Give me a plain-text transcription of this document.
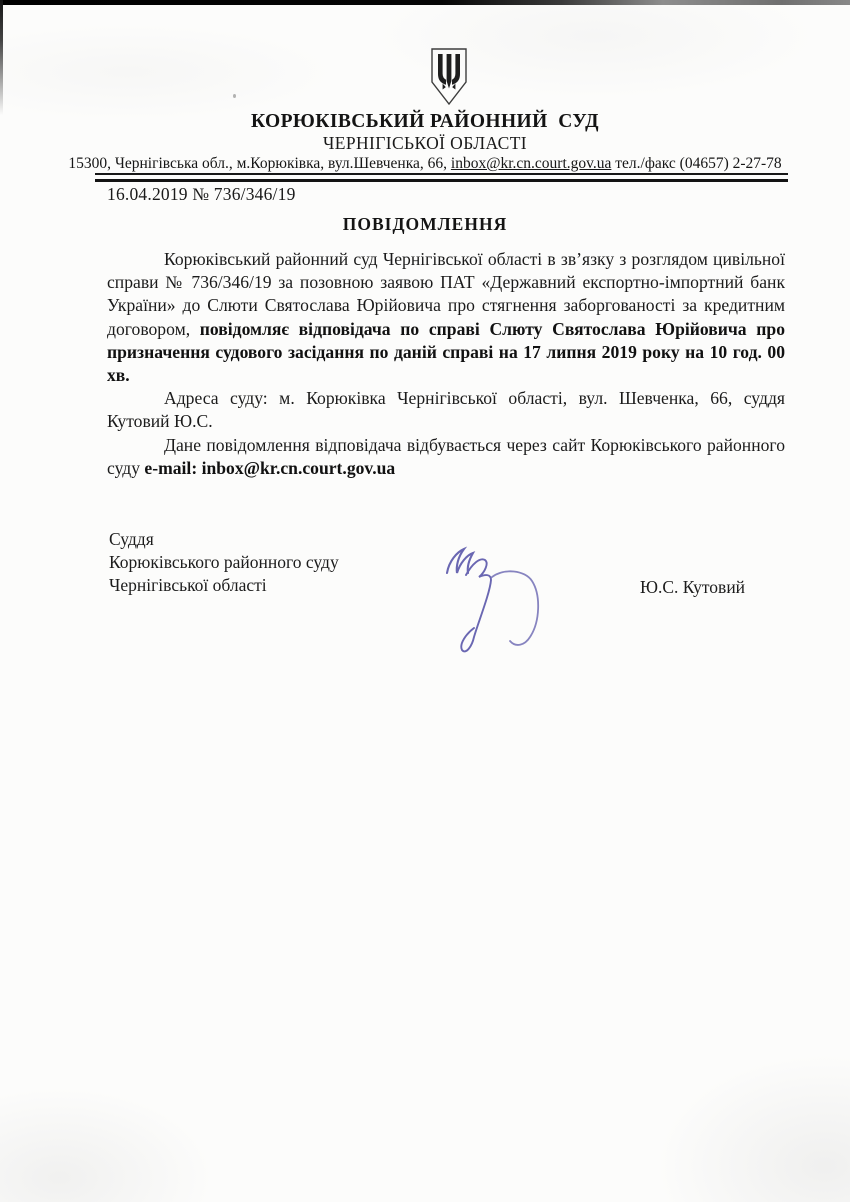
КОРЮКІВСЬКИЙ РАЙОННИЙ  СУД
ЧЕРНІГІСЬКОЇ ОБЛАСТІ
15300, Чернігівська обл., м.Корюківка, вул.Шевченка, 66, inbox@kr.cn.court.gov.ua тел./факс (04657) 2-27-78
16.04.2019 № 736/346/19
ПОВІДОМЛЕННЯ

Корюківський районний суд Чернігівської області в зв’язку з розглядом цивільної справи № 736/346/19 за позовною заявою ПАТ «Державний експортно-імпортний банк України» до Слюти Святослава Юрійовича про стягнення заборгованості за кредитним договором, повідомляє відповідача по справі Слюту Святослава Юрійовича про призначення судового засідання по даній справі на 17 липня 2019 року на 10 год. 00 хв.

Адреса суду: м. Корюківка Чернігівської області, вул. Шевченка, 66, суддя Кутовий Ю.С.

Дане повідомлення відповідача відбувається через сайт Корюківського районного суду e-mail: inbox@kr.cn.court.gov.ua

Суддя
Корюківського районного суду
Чернігівської області	Ю.С. Кутовий
